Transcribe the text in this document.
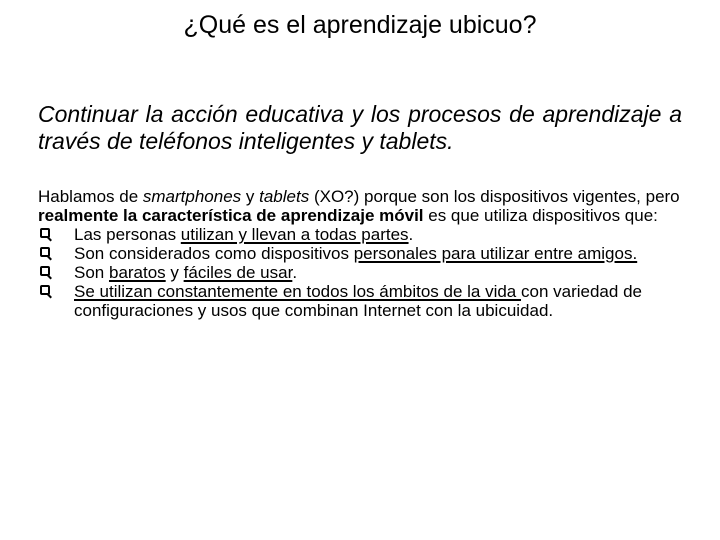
¿Qué es el aprendizaje ubicuo?

Continuar la acción educativa y los procesos de aprendizaje a través de teléfonos inteligentes y tablets.

Hablamos de smartphones y tablets (XO?) porque son los dispositivos vigentes, pero realmente la característica de aprendizaje móvil es que utiliza dispositivos que:

Las personas utilizan y llevan a todas partes.
Son considerados como dispositivos personales para utilizar entre amigos.
Son baratos y fáciles de usar.
Se utilizan constantemente en todos los ámbitos de la vida con variedad de configuraciones y usos que combinan Internet con la ubicuidad.
